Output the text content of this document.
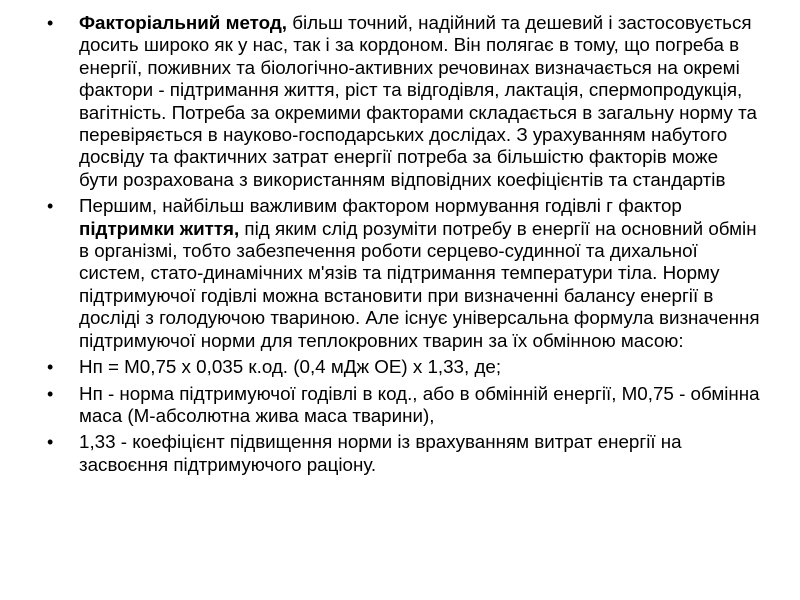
• Факторіальний метод, більш точний, надійний та дешевий і застосовується досить широко як у нас, так і за кордоном. Він полягає в тому, що погреба в енергії, поживних та біологічно-активних речовинах визначається на окремі фактори - підтримання життя, ріст та відгодівля, лактація, спермопродукція, вагітність. Потреба за окремими факторами складається в загальну норму та перевіряється в науково-господарських дослідах. З урахуванням набутого досвіду та фактичних затрат енергії потреба за більшістю факторів може бути розрахована з використанням відповідних коефіцієнтів та стандартів
• Першим, найбільш важливим фактором нормування годівлі г фактор підтримки життя, під яким слід розуміти потребу в енергії на основний обмін в організмі, тобто забезпечення роботи серцево-судинної та дихальної систем, стато-динамічних м'язів та підтримання температури тіла. Норму підтримуючої годівлі можна встановити при визначенні балансу енергії в досліді з голодуючою твариною. Але існує універсальна формула визначення підтримуючої норми для теплокровних тварин за їх обмінною масою:
• Нп = М0,75 х 0,035 к.од. (0,4 мДж ОЕ) х 1,33, де;
• Нп - норма підтримуючої годівлі в код., або в обмінній енергії, М0,75 - обмінна маса (М-абсолютна жива маса тварини),
• 1,33 - коефіцієнт підвищення норми із врахуванням витрат енергії на засвоєння підтримуючого раціону.
